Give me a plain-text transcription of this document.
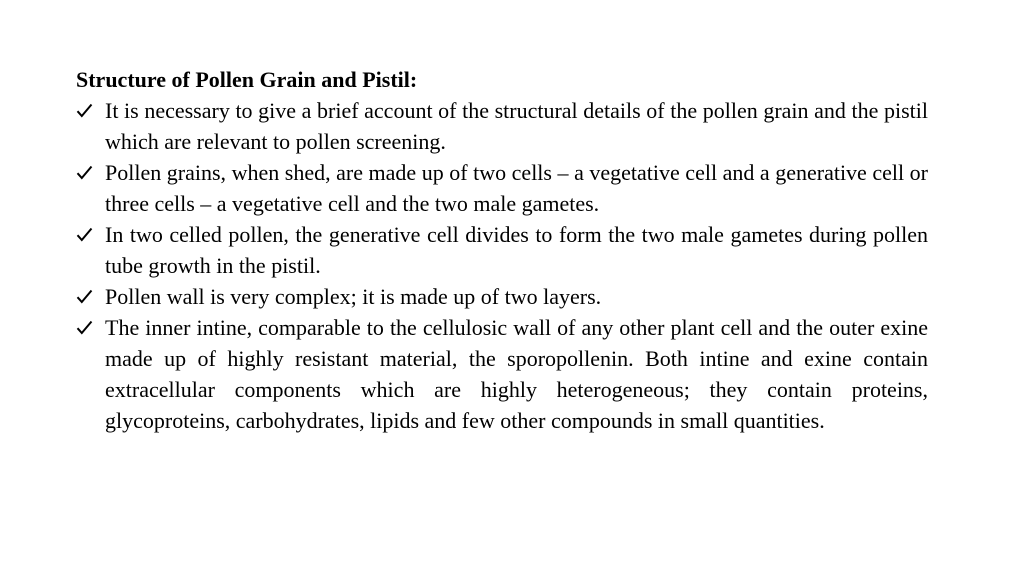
Structure of Pollen Grain and Pistil:

It is necessary to give a brief account of the structural details of the pollen grain and the pistil which are relevant to pollen screening.
Pollen grains, when shed, are made up of two cells – a vegetative cell and a generative cell or three cells – a vegetative cell and the two male gametes.
In two celled pollen, the generative cell divides to form the two male gametes during pollen tube growth in the pistil.
Pollen wall is very complex; it is made up of two layers.
The inner intine, comparable to the cellulosic wall of any other plant cell and the outer exine made up of highly resistant material, the sporopollenin. Both intine and exine contain extracellular components which are highly heterogeneous; they contain proteins, glycoproteins, carbohydrates, lipids and few other compounds in small quantities.
